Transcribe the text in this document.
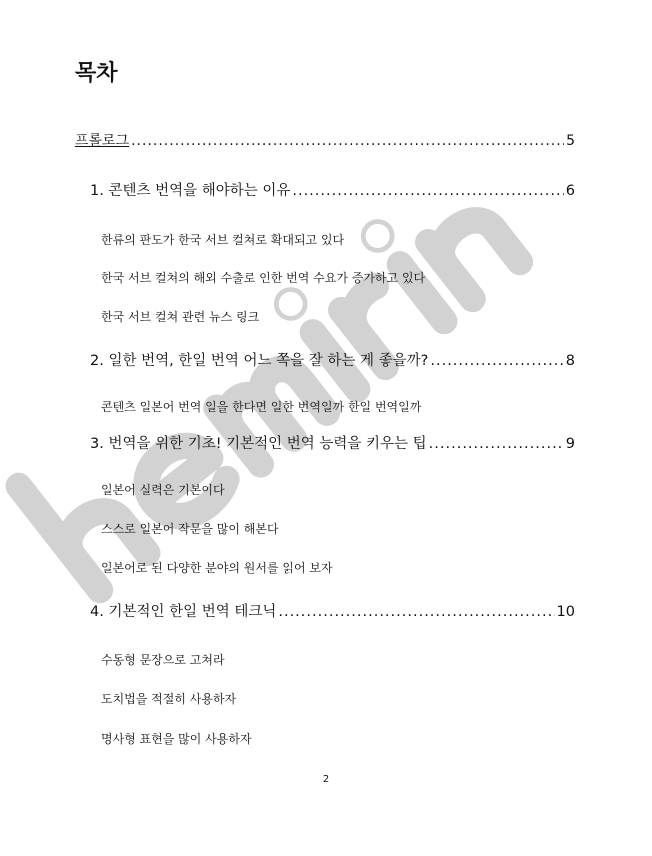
목차
프롤로그 .....	5
1. 콘텐츠 번역을 해야하는 이유 .....	6
한류의 판도가 한국 서브 컬쳐로 확대되고 있다
한국 서브 컬쳐의 해외 수출로 인한 번역 수요가 증가하고 있다
한국 서브 컬쳐 관련 뉴스 링크
2. 일한 번역, 한일 번역 어느 쪽을 잘 하는 게 좋을까? .....	8
콘텐츠 일본어 번역 일을 한다면 일한 번역일까 한일 번역일까
3. 번역을 위한 기초! 기본적인 번역 능력을 키우는 팁 .....	9
일본어 실력은 기본이다
스스로 일본어 작문을 많이 해본다
일본어로 된 다양한 분야의 원서를 읽어 보자
4. 기본적인 한일 번역 테크닉 .....	10
수동형 문장으로 고쳐라
도치법을 적절히 사용하자
명사형 표현을 많이 사용하자
2
